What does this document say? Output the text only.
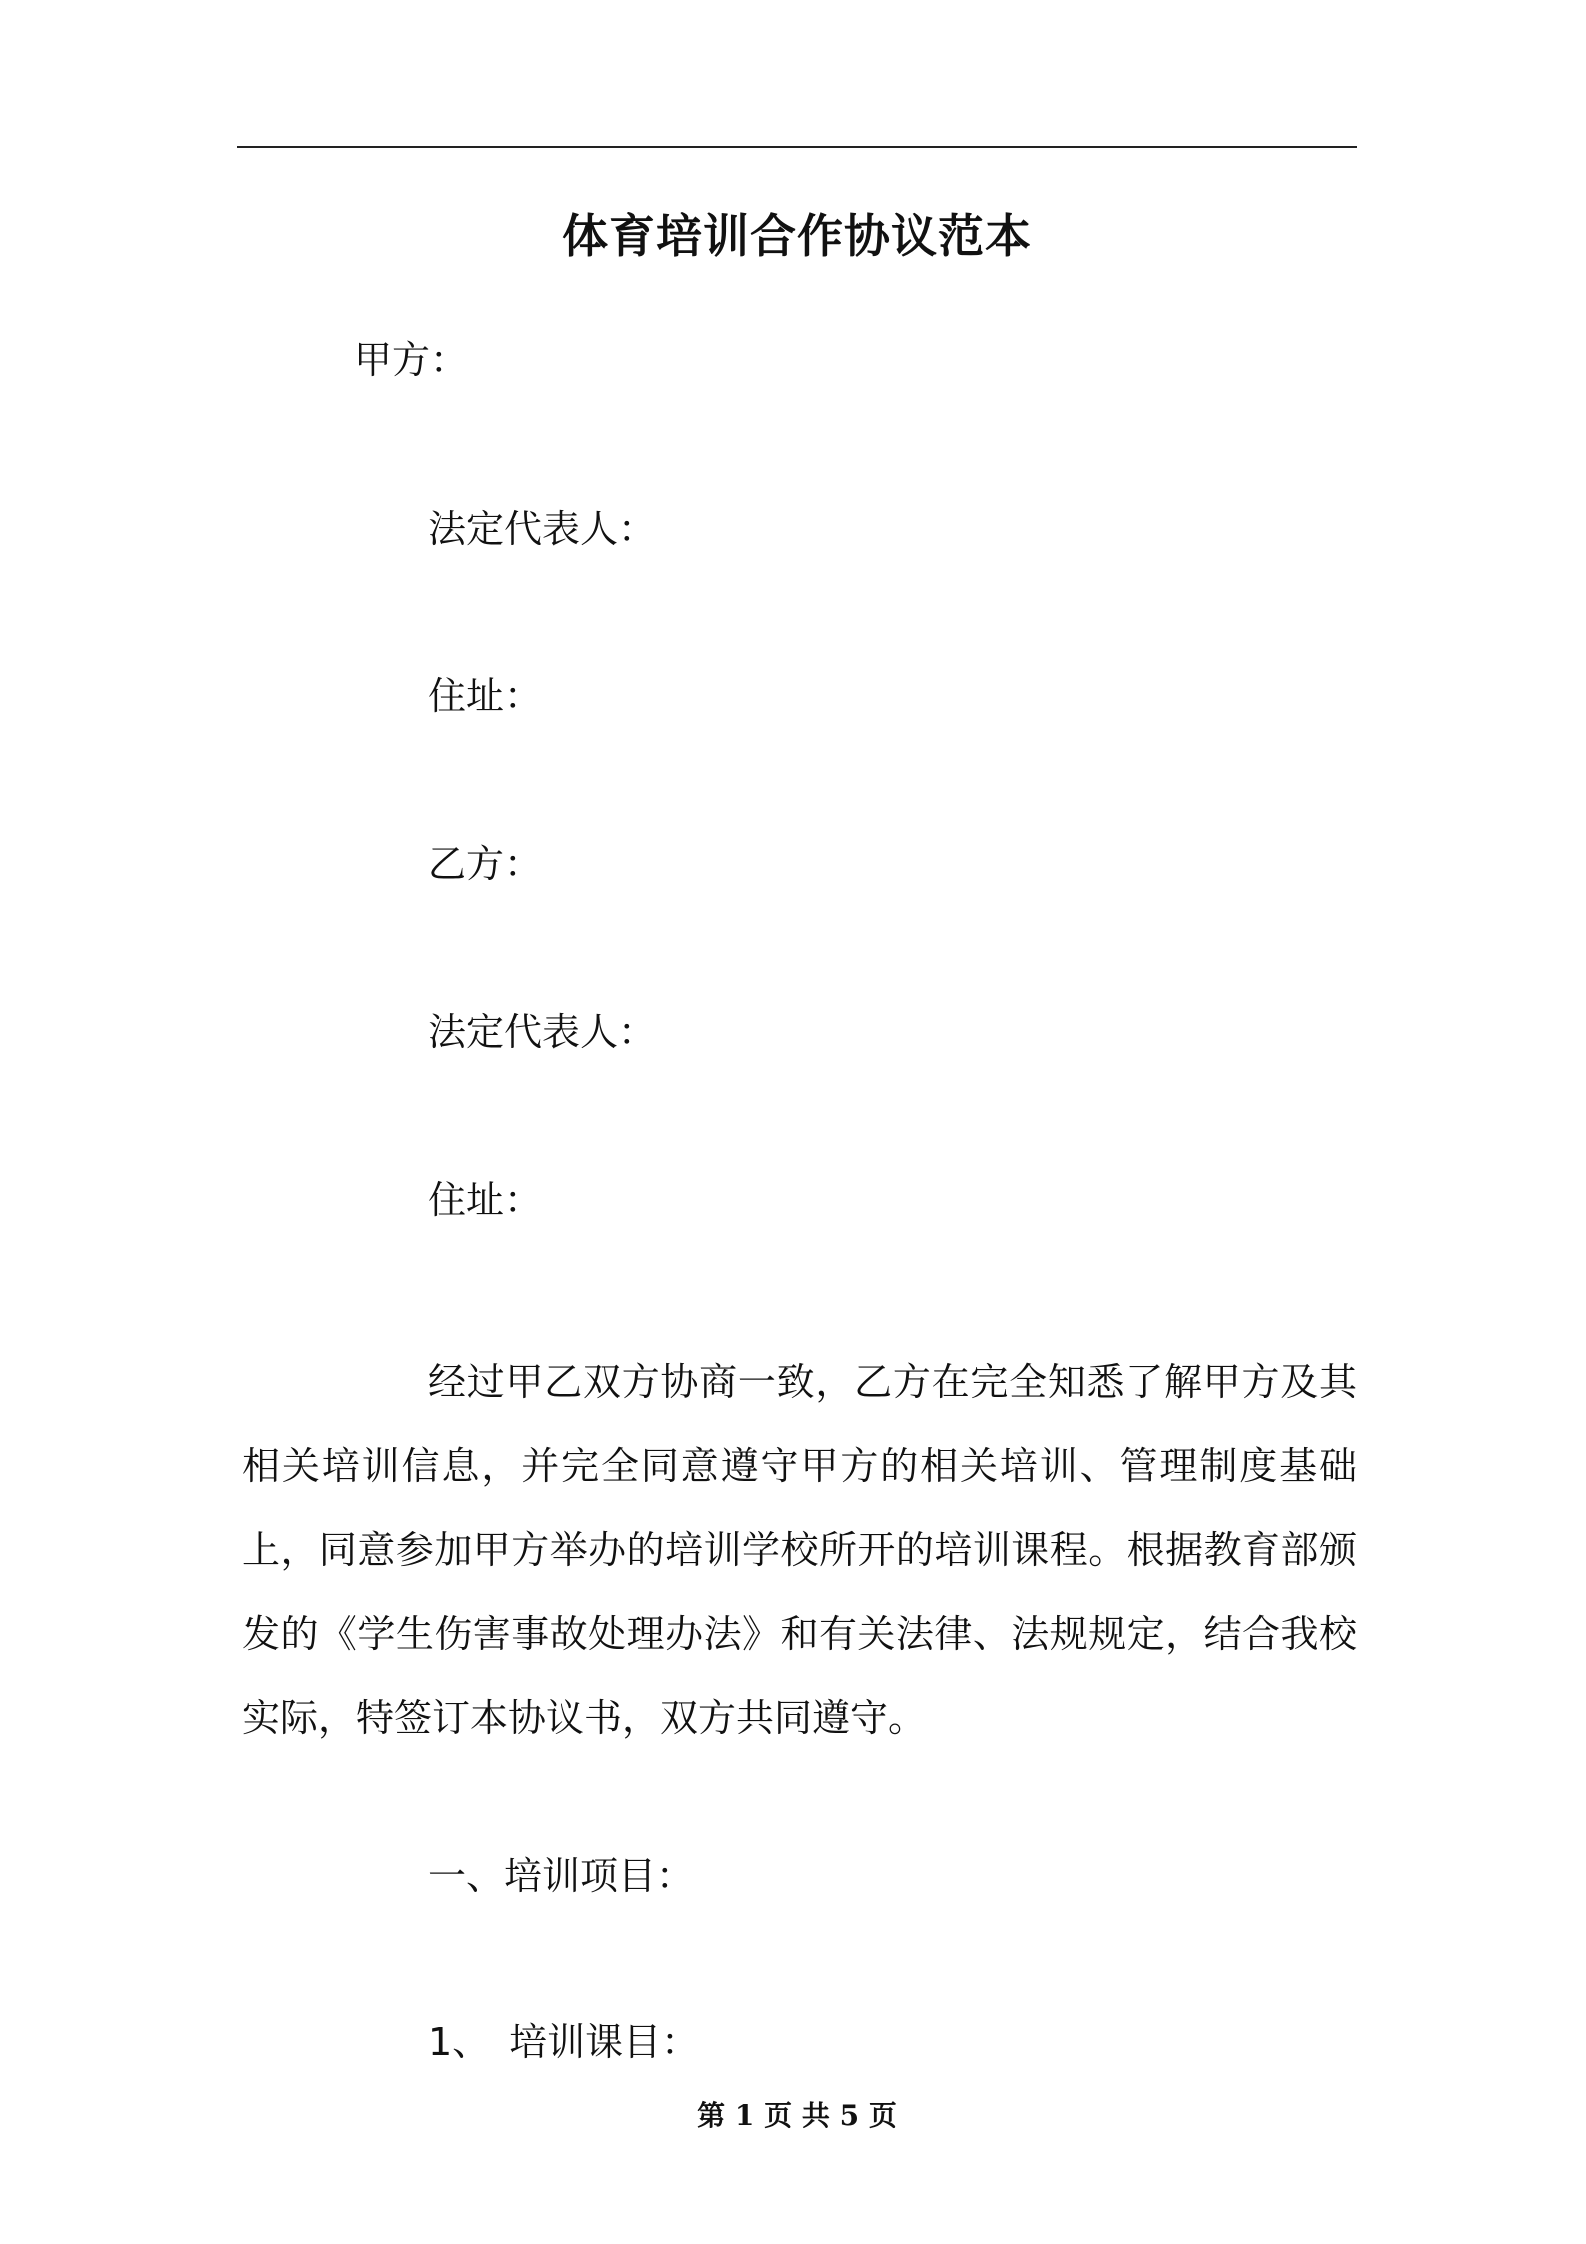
体育培训合作协议范本

甲方：

法定代表人：

住址：

乙方：

法定代表人：

住址：

经过甲乙双方协商一致，乙方在完全知悉了解甲方及其相关培训信息，并完全同意遵守甲方的相关培训、管理制度基础上，同意参加甲方举办的培训学校所开的培训课程。根据教育部颁发的《学生伤害事故处理办法》和有关法律、法规规定，结合我校实际，特签订本协议书，双方共同遵守。

一、培训项目：

1、　培训课目：

第 1 页 共 5 页
